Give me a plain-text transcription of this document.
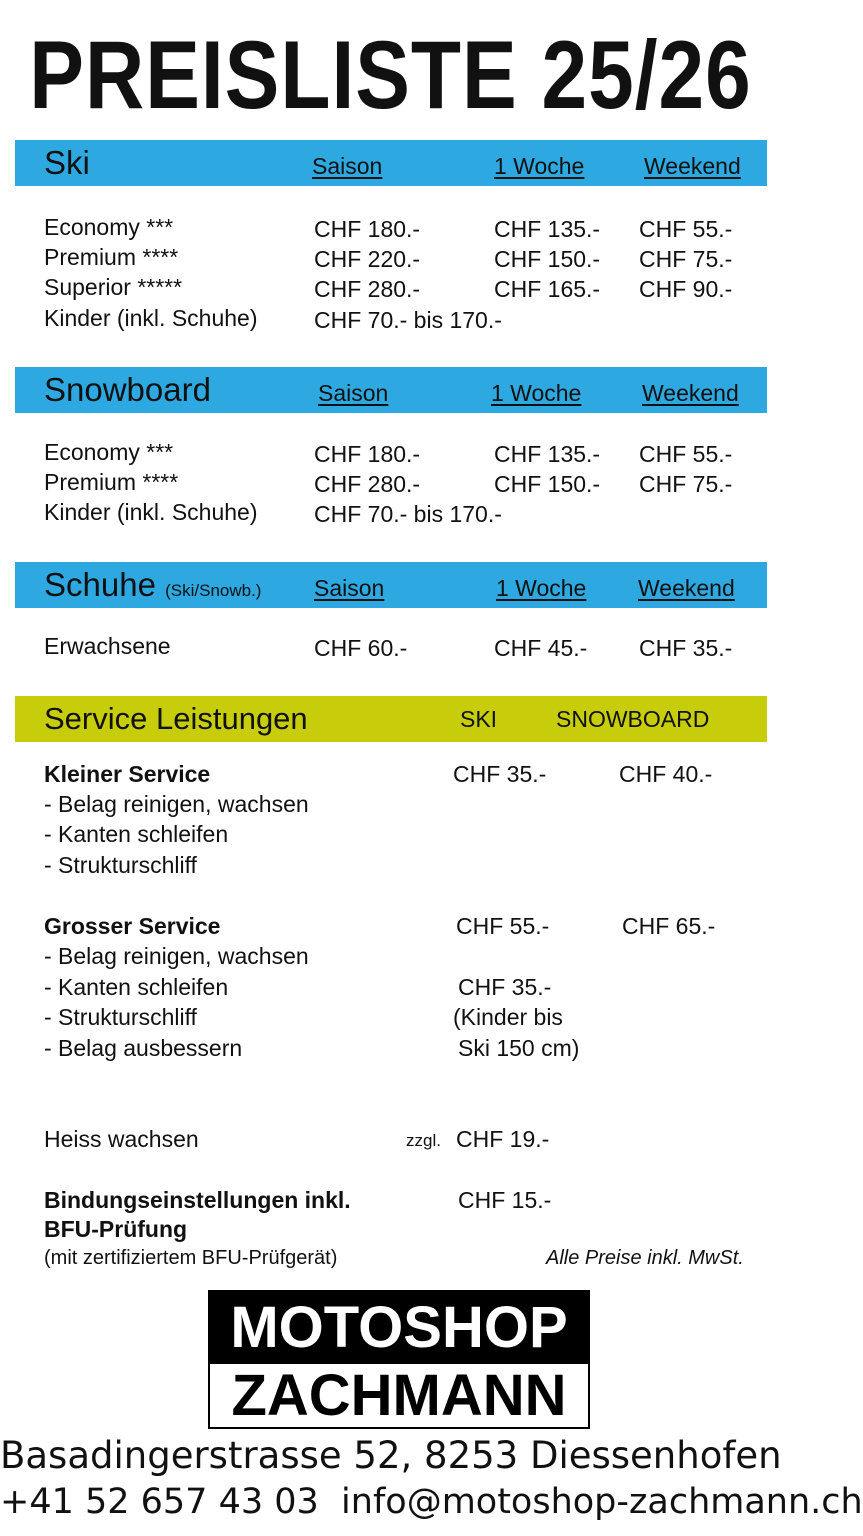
PREISLISTE 25/26
Ski	Saison	1 Woche	Weekend
Economy ***	CHF 180.-	CHF 135.- CHF 55.-
Premium ****	CHF 220.-	CHF 150.- CHF 75.-
Superior *****	CHF 280.-	CHF 165.- CHF 90.-
Kinder (inkl. Schuhe) CHF 70.- bis 170.-
Snowboard	Saison	1 Woche	Weekend
Economy ***	CHF 180.-	CHF 135.- CHF 55.-
Premium ****	CHF 280.-	CHF 150.- CHF 75.-
Kinder (inkl. Schuhe) CHF 70.- bis 170.-
Schuhe (Ski/Snowb.) Saison	1 Woche Weekend
Erwachsene	CHF 60.-	CHF 45.- CHF 35.-
Service Leistungen	SKI	SNOWBOARD
Kleiner Service	CHF 35.-	CHF 40.-
- Belag reinigen, wachsen
- Kanten schleifen
- Strukturschliff
Grosser Service	CHF 55.-	CHF 65.-
- Belag reinigen, wachsen
- Kanten schleifen	CHF 35.-
- Strukturschliff	(Kinder bis
- Belag ausbessern	Ski 150 cm)
Heiss wachsen	zzgl. CHF 19.-
Bindungseinstellungen inkl.	CHF 15.-
BFU-Prüfung
(mit zertifiziertem BFU-Prüfgerät)	Alle Preise inkl. MwSt.
MOTOSHOP
ZACHMANN
Basadingerstrasse 52, 8253 Diessenhofen
+41 52 657 43 03 info@motoshop-zachmann.ch
